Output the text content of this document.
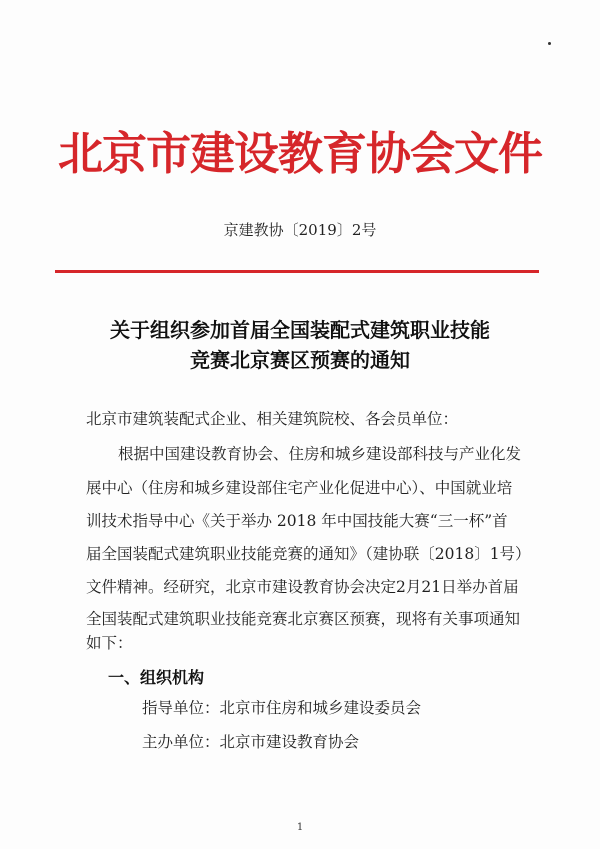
北京市建设教育协会文件
京建教协〔2019〕2号
关于组织参加首届全国装配式建筑职业技能
竞赛北京赛区预赛的通知
北京市建筑装配式企业、相关建筑院校、各会员单位：
根据中国建设教育协会、住房和城乡建设部科技与产业化发
展中心（住房和城乡建设部住宅产业化促进中心）、中国就业培
训技术指导中心《关于举办 2018 年中国技能大赛“三一杯”首
届全国装配式建筑职业技能竞赛的通知》（建协联〔2018〕1号）
文件精神。经研究，北京市建设教育协会决定2月21日举办首届
全国装配式建筑职业技能竞赛北京赛区预赛，现将有关事项通知
如下：
一、组织机构
指导单位：北京市住房和城乡建设委员会
主办单位：北京市建设教育协会
1
